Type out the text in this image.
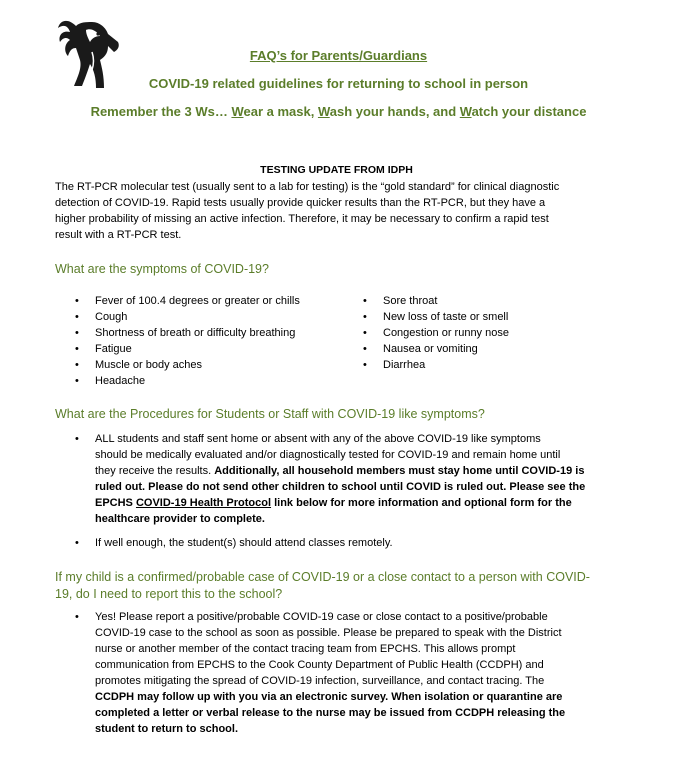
FAQ’s for Parents/Guardians
COVID-19 related guidelines for returning to school in person
Remember the 3 Ws… Wear a mask, Wash your hands, and Watch your distance
TESTING UPDATE FROM IDPH
The RT-PCR molecular test (usually sent to a lab for testing) is the “gold standard” for clinical diagnostic
detection of COVID-19. Rapid tests usually provide quicker results than the RT-PCR, but they have a
higher probability of missing an active infection. Therefore, it may be necessary to confirm a rapid test
result with a RT-PCR test.
What are the symptoms of COVID-19?
• Fever of 100.4 degrees or greater or chills
• Cough
• Shortness of breath or difficulty breathing
• Fatigue
• Muscle or body aches
• Headache
• Sore throat
• New loss of taste or smell
• Congestion or runny nose
• Nausea or vomiting
• Diarrhea
What are the Procedures for Students or Staff with COVID-19 like symptoms?
• ALL students and staff sent home or absent with any of the above COVID-19 like symptoms
should be medically evaluated and/or diagnostically tested for COVID-19 and remain home until
they receive the results. Additionally, all household members must stay home until COVID-19 is
ruled out. Please do not send other children to school until COVID is ruled out. Please see the
EPCHS COVID-19 Health Protocol link below for more information and optional form for the
healthcare provider to complete.
•	If well enough, the student(s) should attend classes remotely.
If my child is a confirmed/probable case of COVID-19 or a close contact to a person with COVID-
19, do I need to report this to the school?
• Yes! Please report a positive/probable COVID-19 case or close contact to a positive/probable
COVID-19 case to the school as soon as possible. Please be prepared to speak with the District
nurse or another member of the contact tracing team from EPCHS. This allows prompt
communication from EPCHS to the Cook County Department of Public Health (CCDPH) and
promotes mitigating the spread of COVID-19 infection, surveillance, and contact tracing. The
CCDPH may follow up with you via an electronic survey. When isolation or quarantine are
completed a letter or verbal release to the nurse may be issued from CCDPH releasing the
student to return to school.
